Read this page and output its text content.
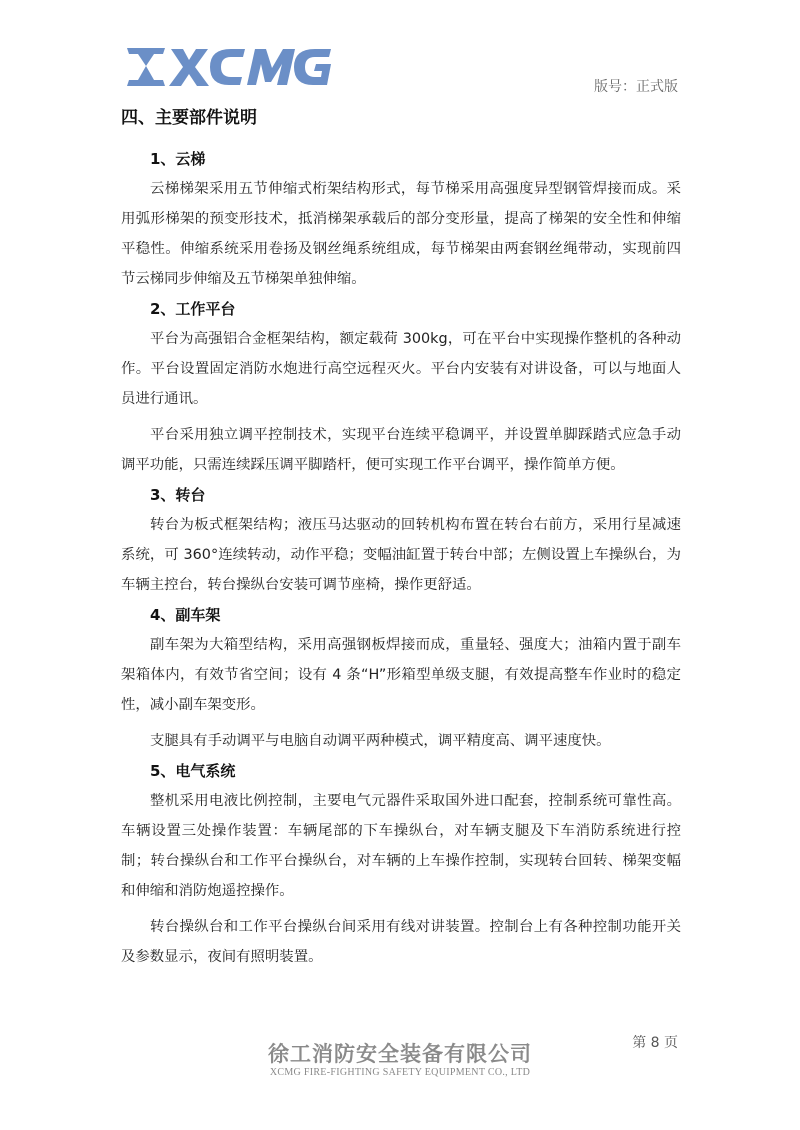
版号：正式版
四、主要部件说明
1、云梯

云梯梯架采用五节伸缩式桁架结构形式，每节梯采用高强度异型钢管焊接而成。采用弧形梯架的预变形技术，抵消梯架承载后的部分变形量，提高了梯架的安全性和伸缩平稳性。伸缩系统采用卷扬及钢丝绳系统组成，每节梯架由两套钢丝绳带动，实现前四节云梯同步伸缩及五节梯架单独伸缩。

2、工作平台

平台为高强铝合金框架结构，额定载荷 300kg，可在平台中实现操作整机的各种动作。平台设置固定消防水炮进行高空远程灭火。平台内安装有对讲设备，可以与地面人员进行通讯。

平台采用独立调平控制技术，实现平台连续平稳调平，并设置单脚踩踏式应急手动调平功能，只需连续踩压调平脚踏杆，便可实现工作平台调平，操作简单方便。

3、转台

转台为板式框架结构；液压马达驱动的回转机构布置在转台右前方，采用行星减速系统，可 360°连续转动，动作平稳；变幅油缸置于转台中部；左侧设置上车操纵台，为车辆主控台，转台操纵台安装可调节座椅，操作更舒适。

4、副车架

副车架为大箱型结构，采用高强钢板焊接而成，重量轻、强度大；油箱内置于副车架箱体内，有效节省空间；设有 4 条“H”形箱型单级支腿，有效提高整车作业时的稳定性，减小副车架变形。

支腿具有手动调平与电脑自动调平两种模式，调平精度高、调平速度快。

5、电气系统

整机采用电液比例控制，主要电气元器件采取国外进口配套，控制系统可靠性高。车辆设置三处操作装置：车辆尾部的下车操纵台，对车辆支腿及下车消防系统进行控制；转台操纵台和工作平台操纵台，对车辆的上车操作控制，实现转台回转、梯架变幅和伸缩和消防炮遥控操作。

转台操纵台和工作平台操纵台间采用有线对讲装置。控制台上有各种控制功能开关及参数显示，夜间有照明装置。

第 8 页
徐工消防安全装备有限公司
XCMG FIRE-FIGHTING SAFETY EQUIPMENT CO., LTD
